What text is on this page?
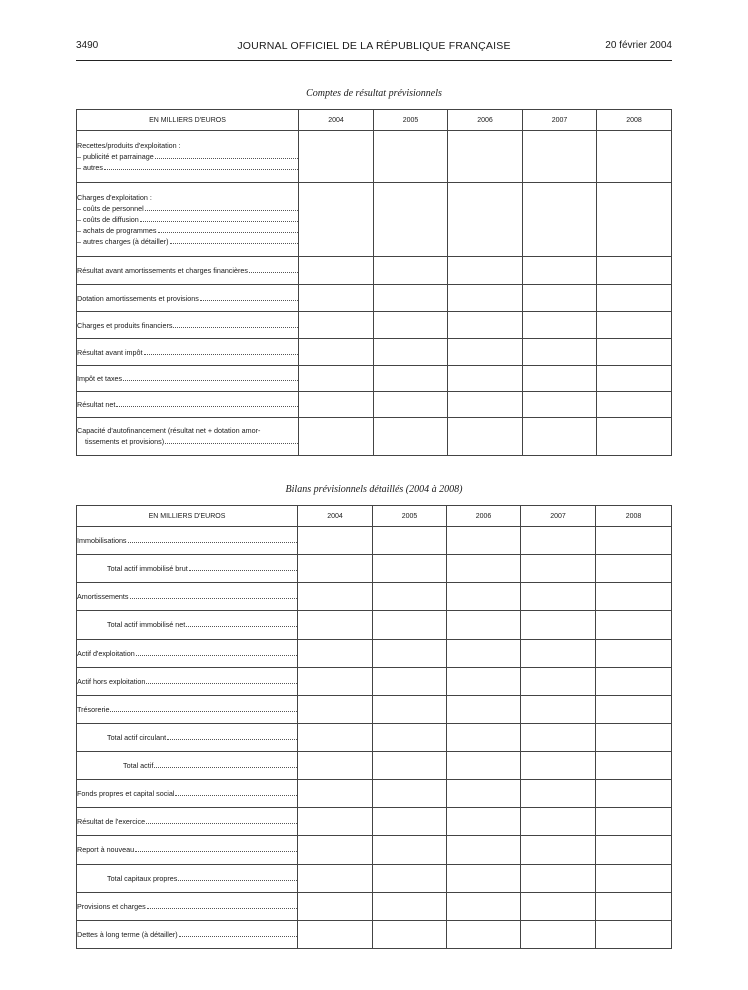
3490	JOURNAL OFFICIEL DE LA RÉPUBLIQUE FRANÇAISE	20 février 2004
Comptes de résultat prévisionnels
EN MILLIERS D'EUROS	2004	2005	2006	2007	2008

Recettes/produits d'exploitation :
– publicité et parrainage
– autres					

Charges d'exploitation :
– coûts de personnel
– coûts de diffusion
– achats de programmes
– autres charges (à détailler)					

Résultat avant amortissements et charges financières					

Dotation amortissements et provisions					

Charges et produits financiers					

Résultat avant impôt					

Impôt et taxes					

Résultat net					

Capacité d'autofinancement (résultat net + dotation amor-
tissements et provisions)					

Bilans prévisionnels détaillés (2004 à 2008)
EN MILLIERS D'EUROS	2004	2005	2006	2007	2008

Immobilisations					

Total actif immobilisé brut					

Amortissements					

Total actif immobilisé net					

Actif d'exploitation					

Actif hors exploitation					

Trésorerie					

Total actif circulant					

Total actif					

Fonds propres et capital social					

Résultat de l'exercice					

Report à nouveau					

Total capitaux propres					

Provisions et charges					

Dettes à long terme (à détailler)					
